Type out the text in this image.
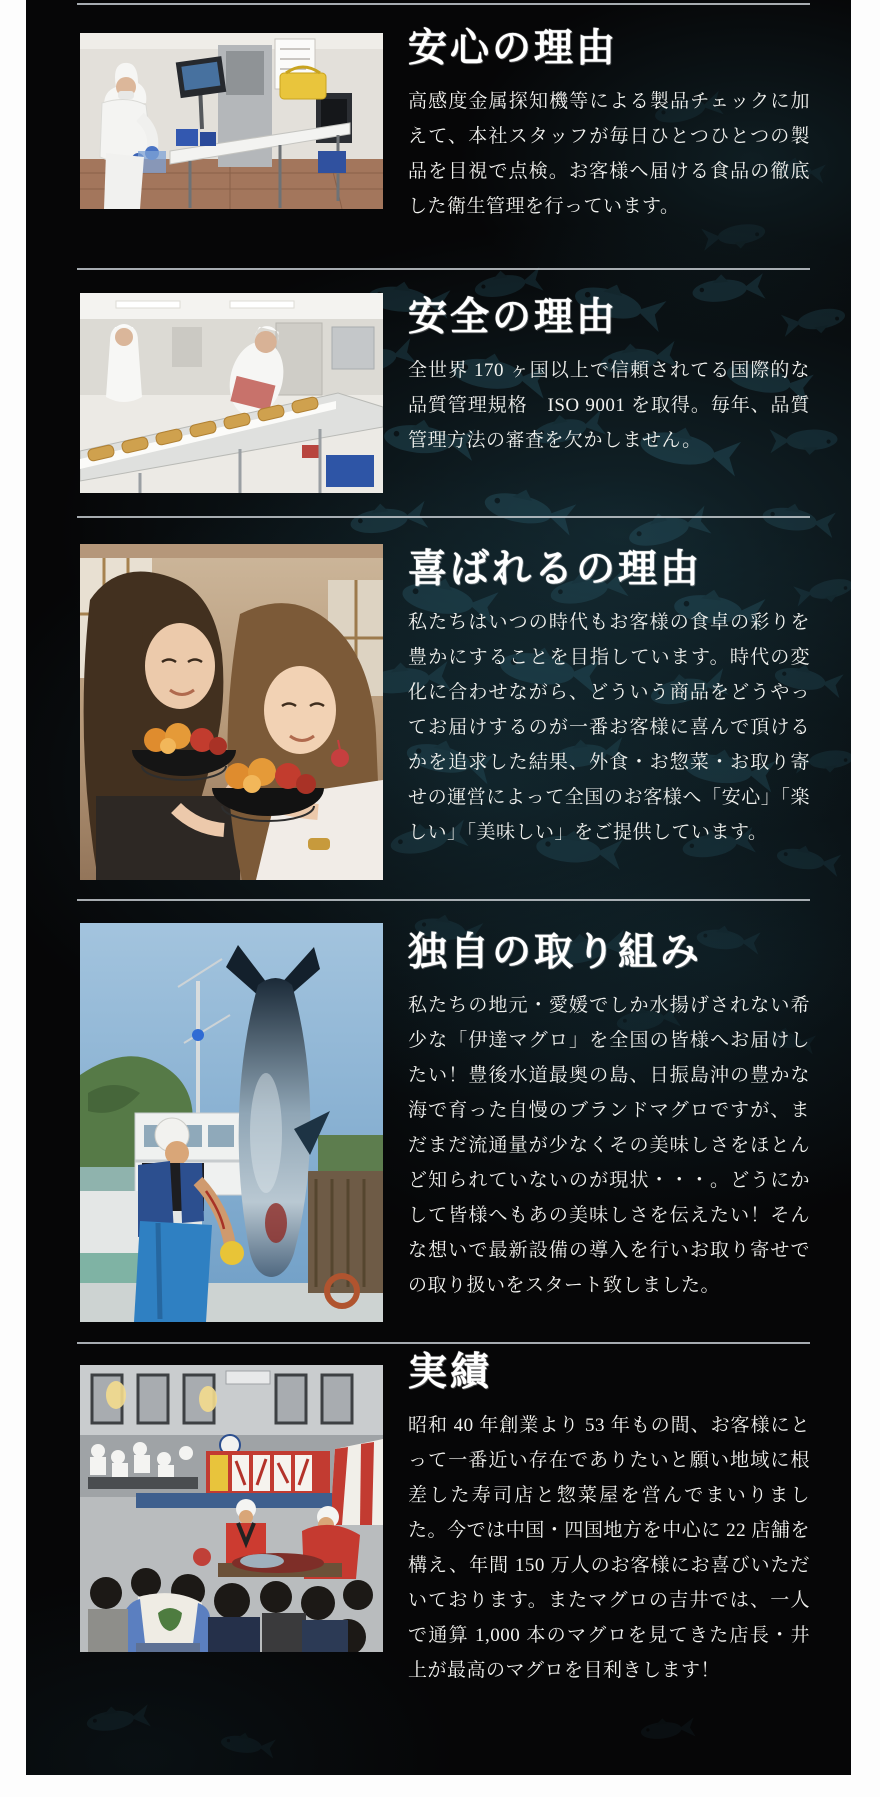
安心の理由

高感度金属探知機等による製品チェックに加えて、本社スタッフが毎日ひとつひとつの製品を目視で点検。お客様へ届ける食品の徹底した衛生管理を行っています。

安全の理由

全世界 170 ヶ国以上で信頼されてる国際的な品質管理規格　ISO 9001 を取得。毎年、品質管理方法の審査を欠かしません。

喜ばれるの理由

私たちはいつの時代もお客様の食卓の彩りを豊かにすることを目指しています。時代の変化に合わせながら、どういう商品をどうやってお届けするのが一番お客様に喜んで頂けるかを追求した結果、外食・お惣菜・お取り寄せの運営によって全国のお客様へ「安心」「楽しい」「美味しい」をご提供しています。

独自の取り組み

私たちの地元・愛媛でしか水揚げされない希少な「伊達マグロ」を全国の皆様へお届けしたい！豊後水道最奥の島、日振島沖の豊かな海で育った自慢のブランドマグロですが、まだまだ流通量が少なくその美味しさをほとんど知られていないのが現状・・・。どうにかして皆様へもあの美味しさを伝えたい！そんな想いで最新設備の導入を行いお取り寄せでの取り扱いをスタート致しました。

実績

昭和 40 年創業より 53 年もの間、お客様にとって一番近い存在でありたいと願い地域に根差した寿司店と惣菜屋を営んでまいりました。今では中国・四国地方を中心に 22 店舗を構え、年間 150 万人のお客様にお喜びいただいております。またマグロの吉井では、一人で通算 1,000 本のマグロを見てきた店長・井上が最高のマグロを目利きします！
